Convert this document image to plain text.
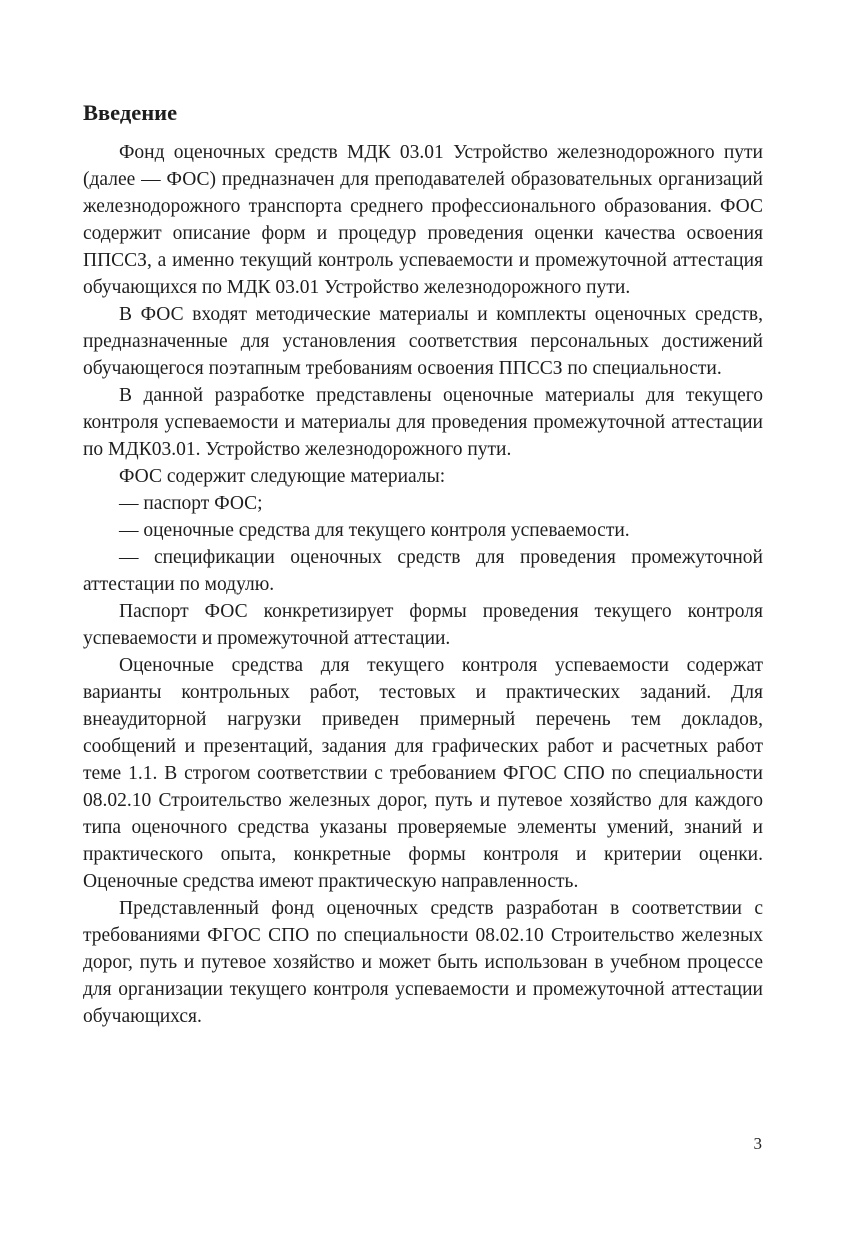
Введение

Фонд оценочных средств МДК 03.01 Устройство железнодорожного пути (далее — ФОС) предназначен для преподавателей образовательных организаций железнодорожного транспорта среднего профессионального образования. ФОС содержит описание форм и процедур проведения оценки качества освоения ППССЗ, а именно текущий контроль успеваемости и промежуточной аттестация обучающихся по МДК 03.01 Устройство железнодорожного пути.

В ФОС входят методические материалы и комплекты оценочных средств, предназначенные для установления соответствия персональных достижений обучающегося поэтапным требованиям освоения ППССЗ по специальности.

В данной разработке представлены оценочные материалы для текущего контроля успеваемости и материалы для проведения промежуточной аттестации по МДК03.01. Устройство железнодорожного пути.

ФОС содержит следующие материалы:

— паспорт ФОС;

— оценочные средства для текущего контроля успеваемости.

— спецификации оценочных средств для проведения промежуточной аттестации по модулю.

Паспорт ФОС конкретизирует формы проведения текущего контроля успеваемости и промежуточной аттестации.

Оценочные средства для текущего контроля успеваемости содержат варианты контрольных работ, тестовых и практических заданий. Для внеаудиторной нагрузки приведен примерный перечень тем докладов, сообщений и презентаций, задания для графических работ и расчетных работ теме 1.1. В строгом соответствии с требованием ФГОС СПО по специальности 08.02.10 Строительство железных дорог, путь и путевое хозяйство для каждого типа оценочного средства указаны проверяемые элементы умений, знаний и практического опыта, конкретные формы контроля и критерии оценки. Оценочные средства имеют практическую направленность.

Представленный фонд оценочных средств разработан в соответствии с требованиями ФГОС СПО по специальности 08.02.10 Строительство железных дорог, путь и путевое хозяйство и может быть использован в учебном процессе для организации текущего контроля успеваемости и промежуточной аттестации обучающихся.

3
